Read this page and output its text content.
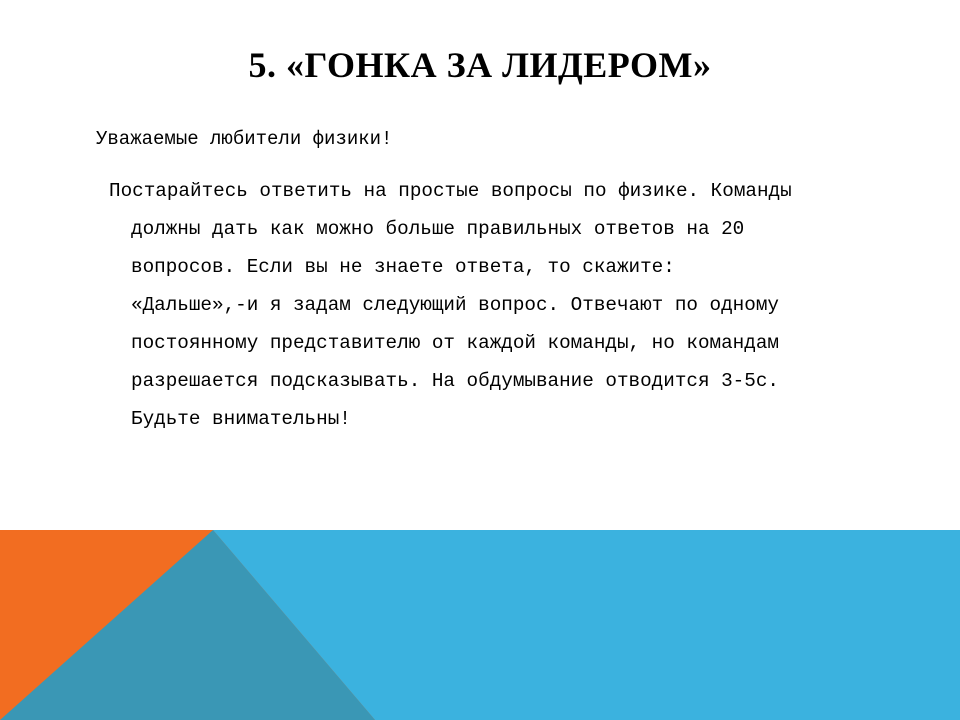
5. «ГОНКА ЗА ЛИДЕРОМ»
Уважаемые любители физики!
Постарайтесь ответить на простые вопросы по физике. Команды
должны дать как можно больше правильных ответов на 20
вопросов. Если вы не знаете ответа, то скажите:
«Дальше»,-и я задам следующий вопрос. Отвечают по одному
постоянному представителю от каждой команды, но командам
разрешается подсказывать. На обдумывание отводится 3-5с.
Будьте внимательны!
